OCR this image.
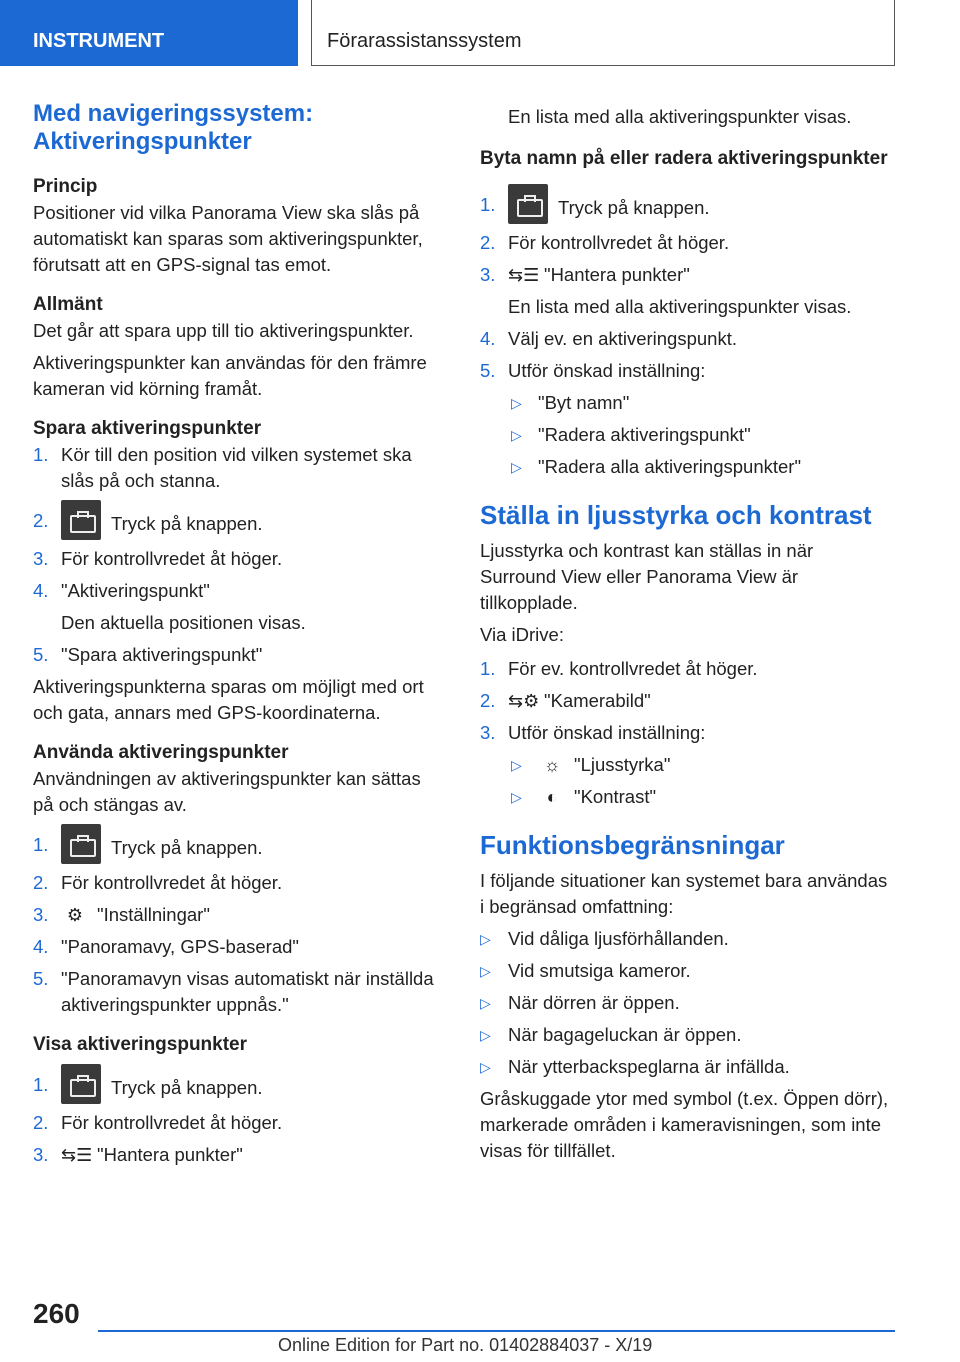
INSTRUMENT	Förarassistanssystem
Med navigeringssystem:
Aktiveringspunkter
Princip

Positioner vid vilka Panorama View ska slås på automatiskt kan sparas som aktiveringspunkter, förutsatt att en GPS-signal tas emot.

Allmänt

Det går att spara upp till tio aktiveringspunkter.

Aktiveringspunkter kan användas för den främre kameran vid körning framåt.

Spara aktiveringspunkter
1. Kör till den position vid vilken systemet ska slås på och stanna.
2.	Tryck på knappen.
3. För kontrollvredet åt höger.
4. "Aktiveringspunkt"
Den aktuella positionen visas.
5. "Spara aktiveringspunkt"

Aktiveringspunkterna sparas om möjligt med ort och gata, annars med GPS-koordinaterna.

Använda aktiveringspunkter

Användningen av aktiveringspunkter kan sättas på och stängas av.

1.	Tryck på knappen.
2. För kontrollvredet åt höger.
3. ⚙ "Inställningar"
4. "Panoramavy, GPS-baserad"
5. "Panoramavyn visas automatiskt när inställda aktiveringspunkter uppnås."
Visa aktiveringspunkter
1.	Tryck på knappen.
2. För kontrollvredet åt höger.
3. ⇆☰ "Hantera punkter"
En lista med alla aktiveringspunkter visas.
Byta namn på eller radera aktiveringspunkter
1.	Tryck på knappen.
2. För kontrollvredet åt höger.
3. ⇆☰ "Hantera punkter"
En lista med alla aktiveringspunkter visas.
4. Välj ev. en aktiveringspunkt.
5. Utför önskad inställning:
▷ "Byt namn"
▷ "Radera aktiveringspunkt"
▷ "Radera alla aktiveringspunkter"
Ställa in ljusstyrka och kontrast

Ljusstyrka och kontrast kan ställas in när Surround View eller Panorama View är tillkopplade.

Via iDrive:

1. För ev. kontrollvredet åt höger.
2. ⇆⚙ "Kamerabild"
3. Utför önskad inställning:
▷ ☼ "Ljusstyrka"
▷ ◐ "Kontrast"
Funktionsbegränsningar

I följande situationer kan systemet bara användas i begränsad omfattning:

▷ Vid dåliga ljusförhållanden.
▷ Vid smutsiga kameror.
▷ När dörren är öppen.
▷ När bagageluckan är öppen.
▷ När ytterbackspeglarna är infällda.

Gråskuggade ytor med symbol (t.ex. Öppen dörr), markerade områden i kameravisningen, som inte visas för tillfället.

260
Online Edition for Part no. 01402884037 - X/19
